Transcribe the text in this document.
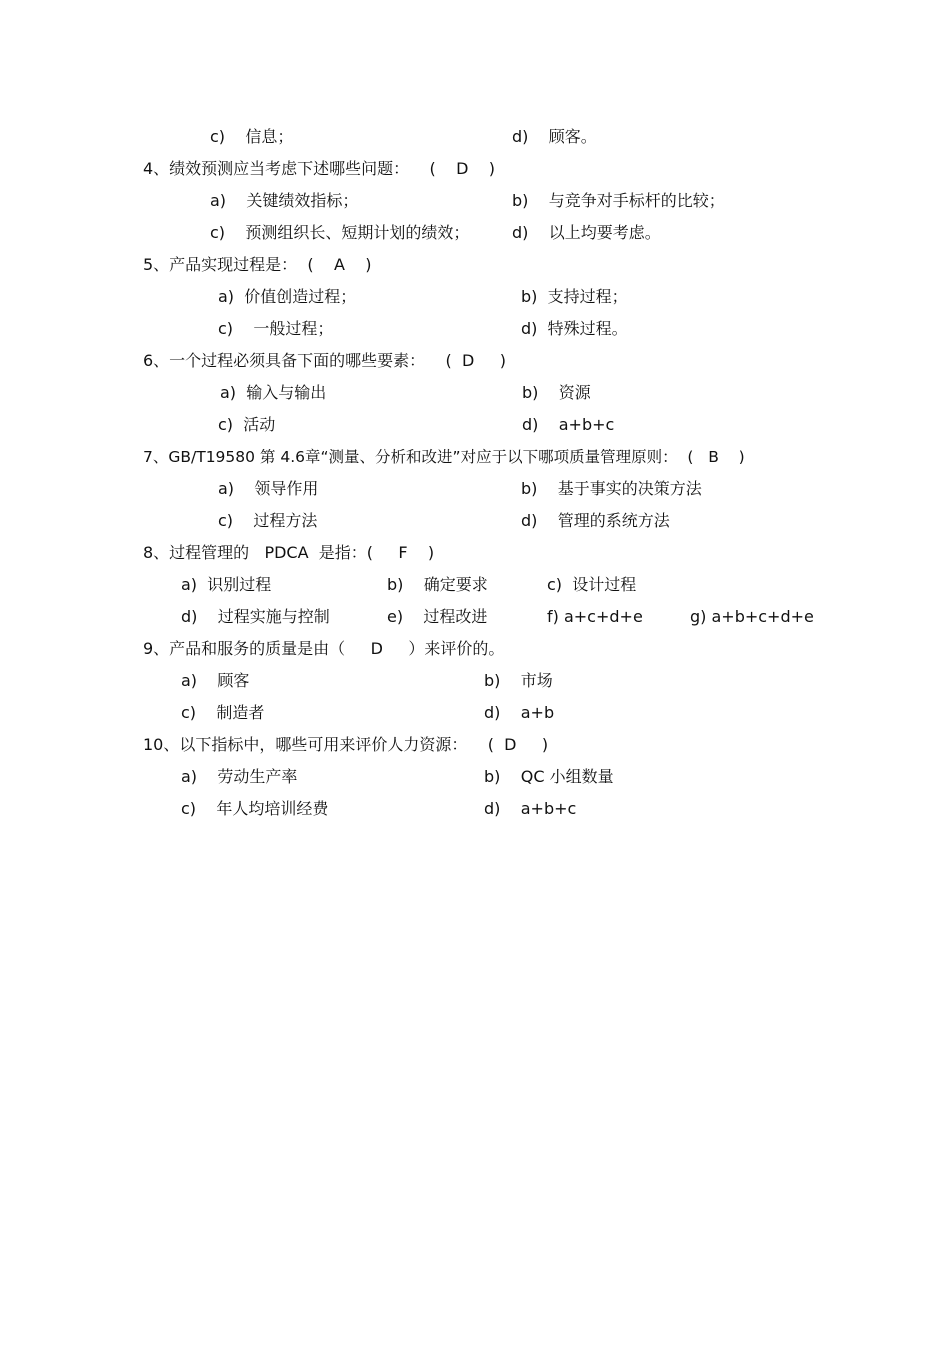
c)    信息；	d)    顾客。
4、绩效预测应当考虑下述哪些问题：    (    D    )
a)    关键绩效指标；	b)    与竞争对手标杆的比较；
c)    预测组织长、短期计划的绩效；	d)    以上均要考虑。
5、产品实现过程是：  (    A    )
a)  价值创造过程；	b)  支持过程；
c)    一般过程；	d)  特殊过程。
6、一个过程必须具备下面的哪些要素：    (  D     )
a)  输入与输出	b)    资源
c)  活动	d)    a+b+c
7、GB/T19580 第 4.6章“测量、分析和改进”对应于以下哪项质量管理原则：  (   B    )
a)    领导作用	b)    基于事实的决策方法
c)    过程方法	d)    管理的系统方法
8、过程管理的   PDCA  是指：(     F    )
a)  识别过程	b)    确定要求	c)  设计过程
d)    过程实施与控制	e)    过程改进	f) a+c+d+e	g) a+b+c+d+e
9、产品和服务的质量是由（     D     ）来评价的。
a)    顾客	b)    市场
c)    制造者	d)    a+b
10、以下指标中，哪些可用来评价人力资源：    (  D     )
a)    劳动生产率	b)    QC 小组数量
c)    年人均培训经费	d)    a+b+c
